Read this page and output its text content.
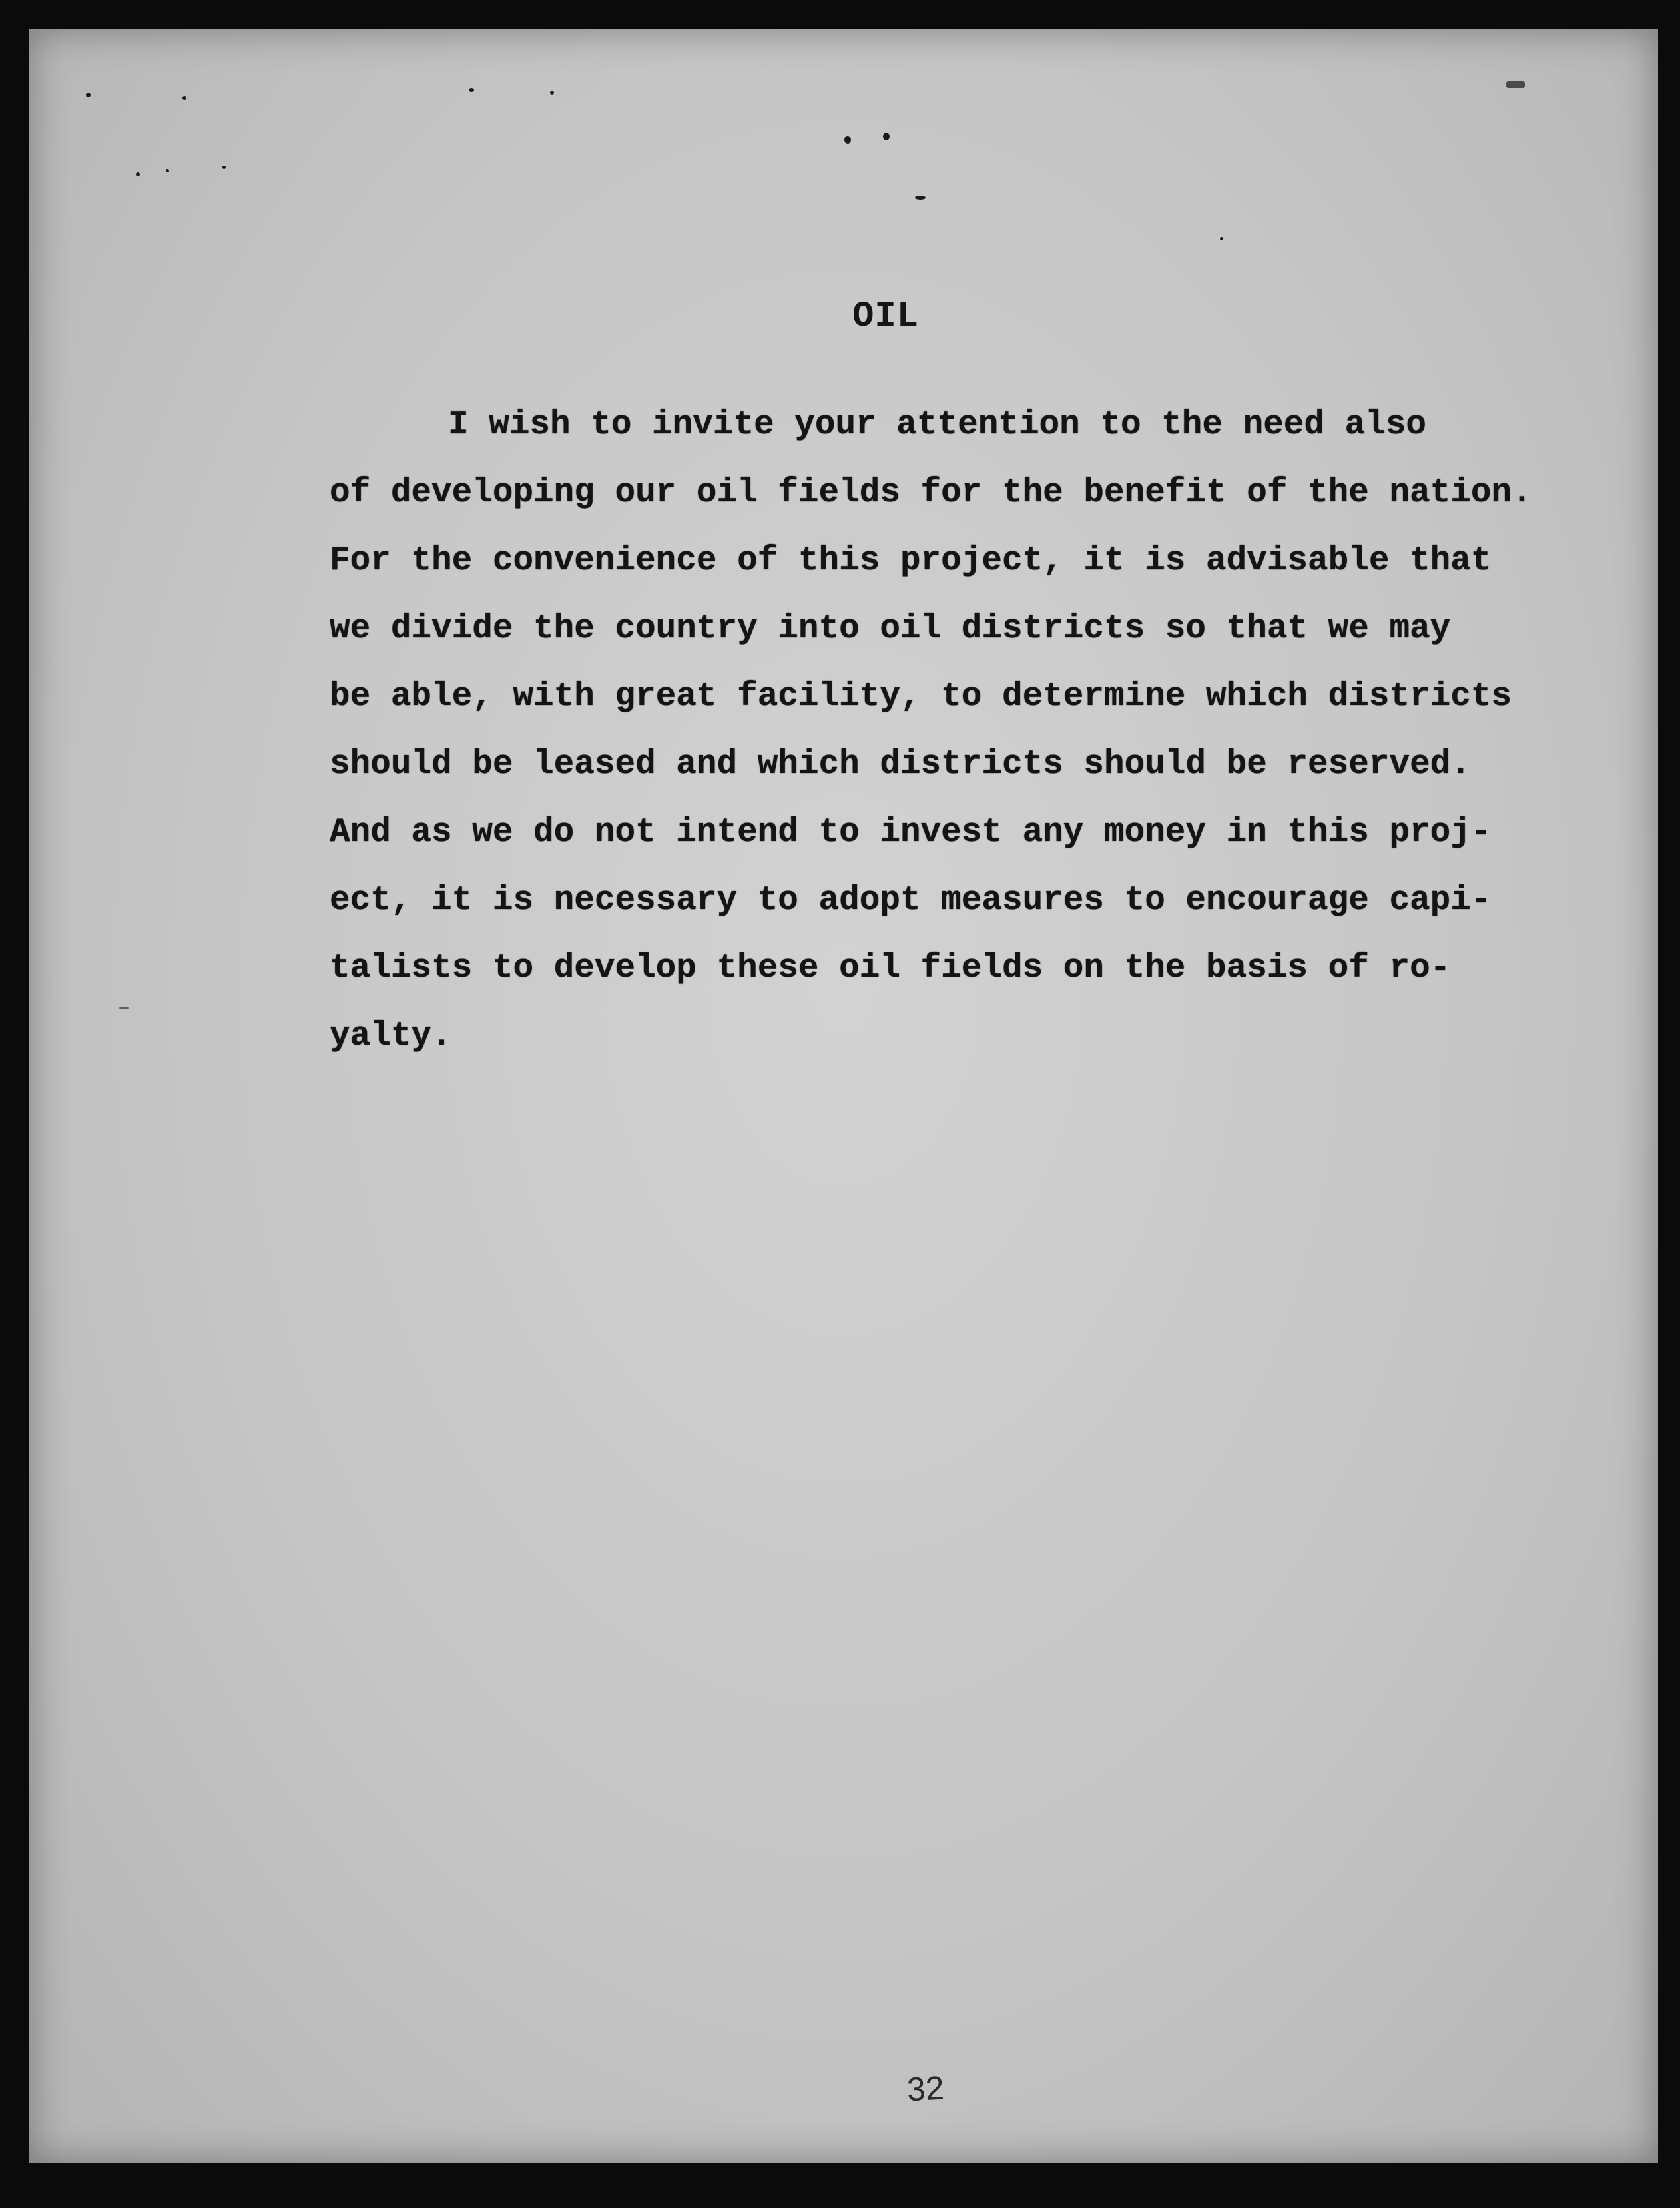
OIL
I wish to invite your attention to the need also
of developing our oil fields for the benefit of the nation.
For the convenience of this project, it is advisable that
we divide the country into oil districts so that we may
be able, with great facility, to determine which districts
should be leased and which districts should be reserved.
And as we do not intend to invest any money in this proj-
ect, it is necessary to adopt measures to encourage capi-
talists to develop these oil fields on the basis of ro-
yalty.
32
